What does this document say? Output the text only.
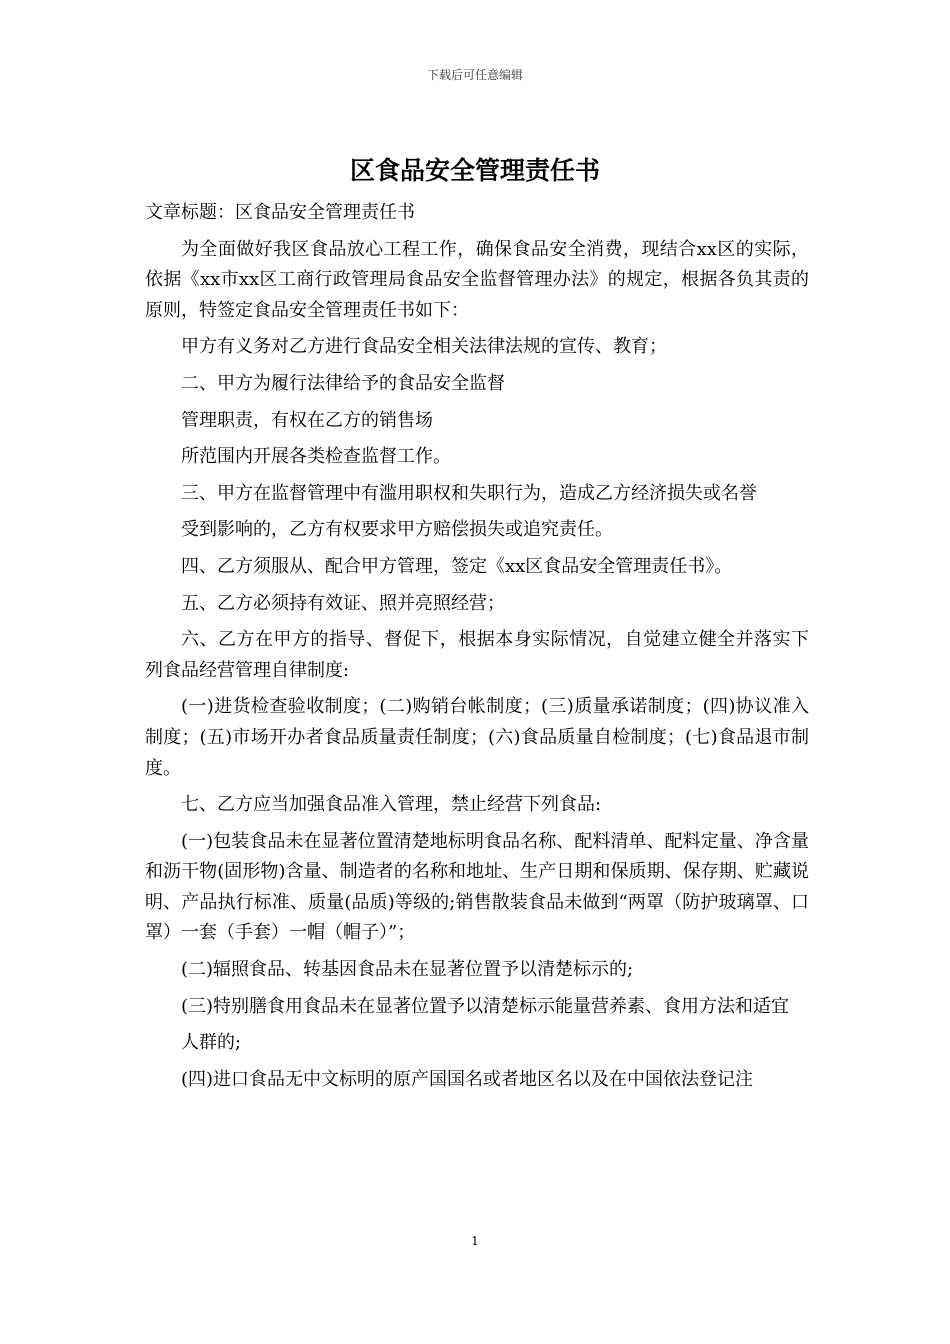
下载后可任意编辑
区食品安全管理责任书

文章标题：区食品安全管理责任书

为全面做好我区食品放心工程工作，确保食品安全消费，现结合xx区的实际，依据《xx市xx区工商行政管理局食品安全监督管理办法》的规定，根据各负其责的原则，特签定食品安全管理责任书如下：

甲方有义务对乙方进行食品安全相关法律法规的宣传、教育；

二、甲方为履行法律给予的食品安全监督

管理职责，有权在乙方的销售场

所范围内开展各类检查监督工作。

三、甲方在监督管理中有滥用职权和失职行为，造成乙方经济损失或名誉

受到影响的，乙方有权要求甲方赔偿损失或追究责任。

四、乙方须服从、配合甲方管理，签定《xx区食品安全管理责任书》。

五、乙方必须持有效证、照并亮照经营；

六、乙方在甲方的指导、督促下，根据本身实际情况，自觉建立健全并落实下列食品经营管理自律制度:

(一)进货检查验收制度；(二)购销台帐制度；(三)质量承诺制度；(四)协议准入制度；(五)市场开办者食品质量责任制度；(六)食品质量自检制度；(七)食品退市制度。

七、乙方应当加强食品准入管理，禁止经营下列食品:

(一)包装食品未在显著位置清楚地标明食品名称、配料清单、配料定量、净含量和沥干物(固形物)含量、制造者的名称和地址、生产日期和保质期、保存期、贮藏说明、产品执行标准、质量(品质)等级的;销售散装食品未做到“两罩（防护玻璃罩、口罩）一套（手套）一帽（帽子）”；

(二)辐照食品、转基因食品未在显著位置予以清楚标示的;

(三)特别膳食用食品未在显著位置予以清楚标示能量营养素、食用方法和适宜

人群的;

(四)进口食品无中文标明的原产国国名或者地区名以及在中国依法登记注

1
